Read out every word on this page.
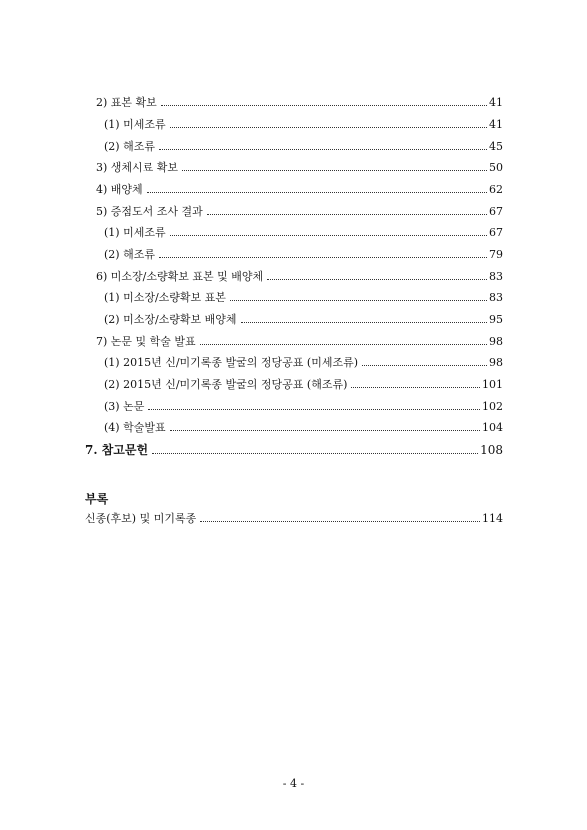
2) 표본 확보	41
(1) 미세조류	41
(2) 해조류	45
3) 생체시료 확보	50
4) 배양체	62
5) 증점도서 조사 결과	67
(1) 미세조류	67
(2) 해조류	79
6) 미소장/소량확보 표본 및 배양체	83
(1) 미소장/소량확보 표본	83
(2) 미소장/소량확보 배양체	95
7) 논문 및 학술 발표	98
(1) 2015년 신/미기록종 발굴의 정당공표 (미세조류)	98
(2) 2015년 신/미기록종 발굴의 정당공표 (해조류)	101
(3) 논문	102
(4) 학술발표	104
7. 참고문헌	108
부록
신종(후보) 및 미기록종	114
- 4 -
